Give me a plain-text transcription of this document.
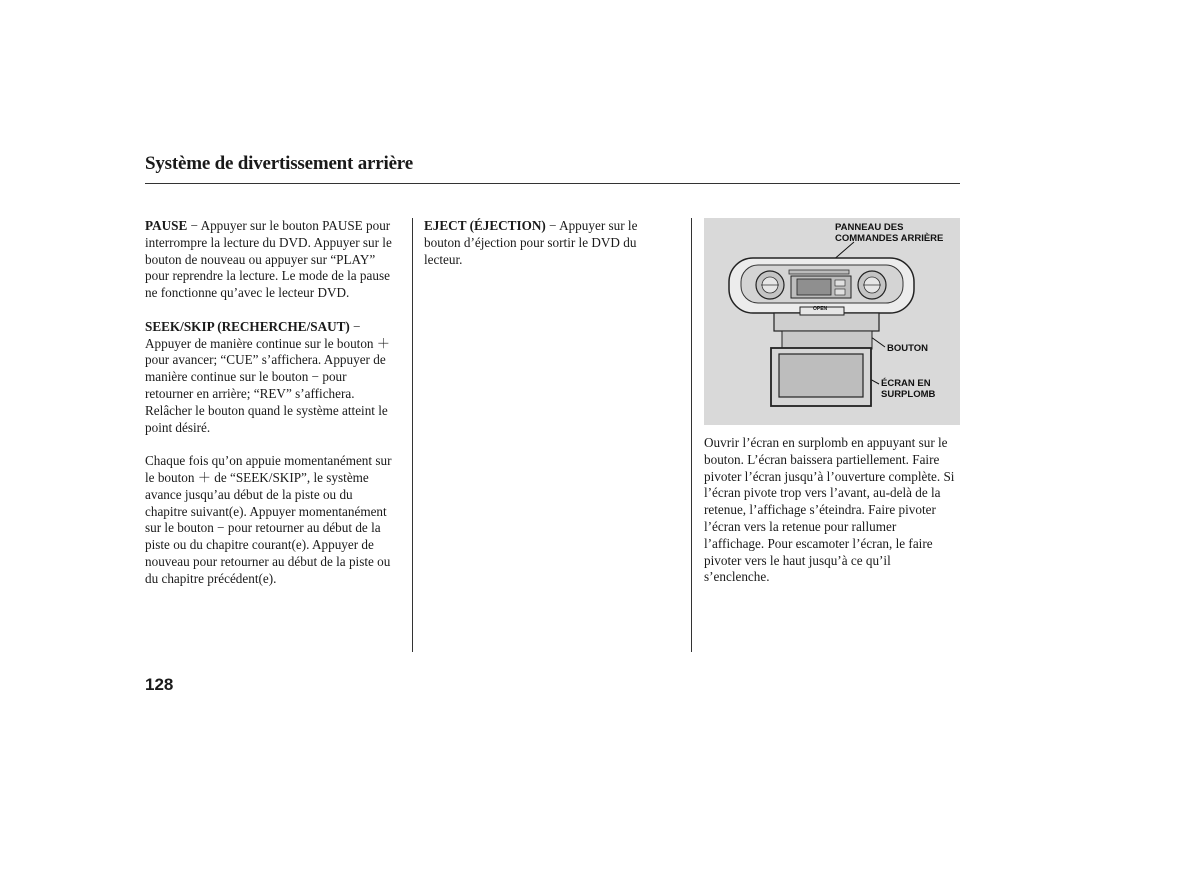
Système de divertissement arrière

PAUSE − Appuyer sur le bouton PAUSE pour interrompre la lecture du DVD. Appuyer sur le bouton de nouveau ou appuyer sur “PLAY” pour reprendre la lecture. Le mode de la pause ne fonctionne qu’avec le lecteur DVD.

SEEK/SKIP (RECHERCHE/SAUT) − Appuyer de manière continue sur le bouton ＋ pour avancer; “CUE” s’affichera. Appuyer de manière continue sur le bouton − pour retourner en arrière; “REV” s’affichera. Relâcher le bouton quand le système atteint le point désiré.

Chaque fois qu’on appuie momentanément sur le bouton ＋ de “SEEK/SKIP”, le système avance jusqu’au début de la piste ou du chapitre suivant(e). Appuyer momentanément sur le bouton − pour retourner au début de la piste ou du chapitre courant(e). Appuyer de nouveau pour retourner au début de la piste ou du chapitre précédent(e).

EJECT (ÉJECTION) − Appuyer sur le bouton d’éjection pour sortir le DVD du lecteur.

PANNEAU DES
COMMANDES ARRIÈRE
BOUTON
ÉCRAN EN
SURPLOMB
OPEN

Ouvrir l’écran en surplomb en appuyant sur le bouton. L’écran baissera partiellement. Faire pivoter l’écran jusqu’à l’ouverture complète. Si l’écran pivote trop vers l’avant, au-delà de la retenue, l’affichage s’éteindra. Faire pivoter l’écran vers la retenue pour rallumer l’affichage. Pour escamoter l’écran, le faire pivoter vers le haut jusqu’à ce qu’il s’enclenche.

128
